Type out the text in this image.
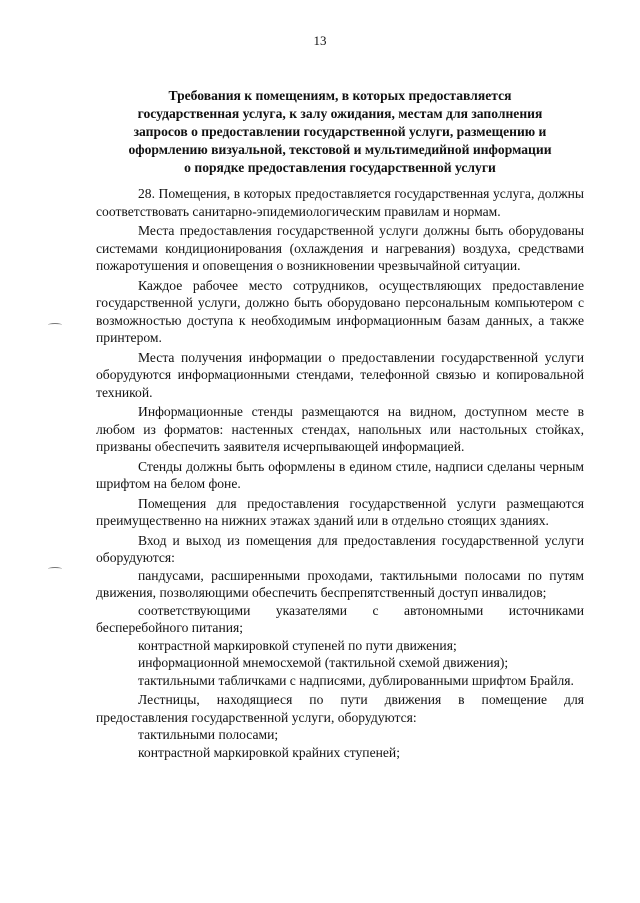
13
Требования к помещениям, в которых предоставляется
государственная услуга, к залу ожидания, местам для заполнения
запросов о предоставлении государственной услуги, размещению и
оформлению визуальной, текстовой и мультимедийной информации
о порядке предоставления государственной услуги

28. Помещения, в которых предоставляется государственная услуга, должны соответствовать санитарно-эпидемиологическим правилам и нормам.

Места предоставления государственной услуги должны быть оборудованы системами кондиционирования (охлаждения и нагревания) воздуха, средствами пожаротушения и оповещения о возникновении чрезвычайной ситуации.

Каждое рабочее место сотрудников, осуществляющих предоставление государственной услуги, должно быть оборудовано персональным компьютером с возможностью доступа к необходимым информационным базам данных, а также принтером.

Места получения информации о предоставлении государственной услуги оборудуются информационными стендами, телефонной связью и копировальной техникой.

Информационные стенды размещаются на видном, доступном месте в любом из форматов: настенных стендах, напольных или настольных стойках, призваны обеспечить заявителя исчерпывающей информацией.

Стенды должны быть оформлены в едином стиле, надписи сделаны черным шрифтом на белом фоне.

Помещения для предоставления государственной услуги размещаются преимущественно на нижних этажах зданий или в отдельно стоящих зданиях.

Вход и выход из помещения для предоставления государственной услуги оборудуются:

пандусами, расширенными проходами, тактильными полосами по путям движения, позволяющими обеспечить беспрепятственный доступ инвалидов;

соответствующими указателями с автономными источниками бесперебойного питания;

контрастной маркировкой ступеней по пути движения;

информационной мнемосхемой (тактильной схемой движения);

тактильными табличками с надписями, дублированными шрифтом Брайля.

Лестницы, находящиеся по пути движения в помещение для предоставления государственной услуги, оборудуются:

тактильными полосами;

контрастной маркировкой крайних ступеней;
